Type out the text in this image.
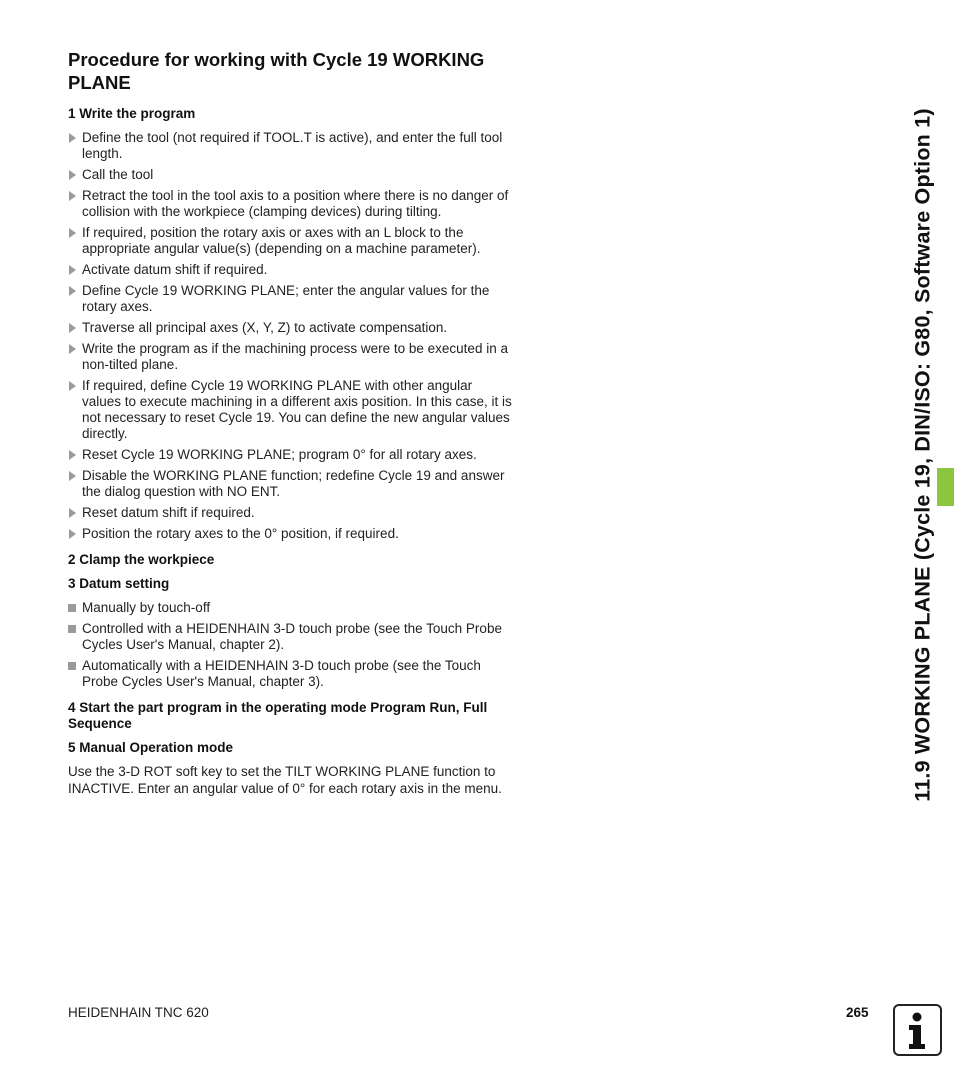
Procedure for working with Cycle 19 WORKING PLANE
1 Write the program
Define the tool (not required if TOOL.T is active), and enter the full tool length.
Call the tool
Retract the tool in the tool axis to a position where there is no danger of collision with the workpiece (clamping devices) during tilting.
If required, position the rotary axis or axes with an L block to the appropriate angular value(s) (depending on a machine parameter).
Activate datum shift if required.
Define Cycle 19 WORKING PLANE; enter the angular values for the rotary axes.
Traverse all principal axes (X, Y, Z) to activate compensation.
Write the program as if the machining process were to be executed in a non-tilted plane.
If required, define Cycle 19 WORKING PLANE with other angular values to execute machining in a different axis position. In this case, it is not necessary to reset Cycle 19. You can define the new angular values directly.
Reset Cycle 19 WORKING PLANE; program 0° for all rotary axes.
Disable the WORKING PLANE function; redefine Cycle 19 and answer the dialog question with NO ENT.
Reset datum shift if required.
Position the rotary axes to the 0° position, if required.
2 Clamp the workpiece
3 Datum setting
Manually by touch-off
Controlled with a HEIDENHAIN 3-D touch probe (see the Touch Probe Cycles User's Manual, chapter 2).
Automatically with a HEIDENHAIN 3-D touch probe (see the Touch Probe Cycles User's Manual, chapter 3).
4 Start the part program in the operating mode Program Run, Full Sequence
5 Manual Operation mode

Use the 3-D ROT soft key to set the TILT WORKING PLANE function to INACTIVE. Enter an angular value of 0° for each rotary axis in the menu.	11.9 WORKING PLANE (Cycle 19, DIN/ISO: G80, Software Option 1)
HEIDENHAIN TNC 620	265
